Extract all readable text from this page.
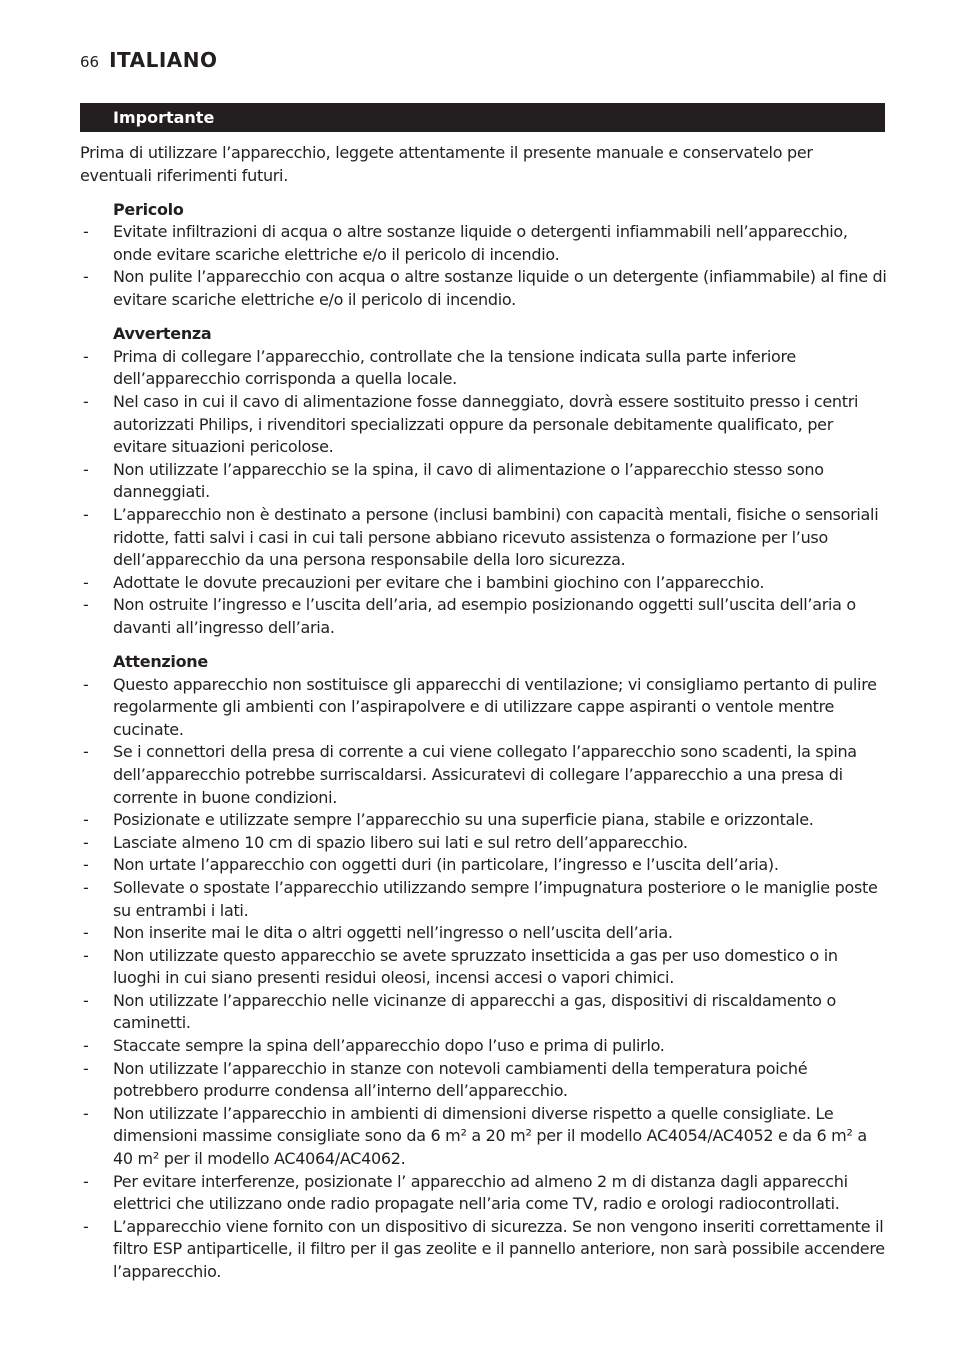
66 ITALIANO
Importante

Prima di utilizzare l’apparecchio, leggete attentamente il presente manuale e conservatelo per eventuali riferimenti futuri.

Pericolo
- Evitate infiltrazioni di acqua o altre sostanze liquide o detergenti infiammabili nell’apparecchio, onde evitare scariche elettriche e/o il pericolo di incendio.
- Non pulite l’apparecchio con acqua o altre sostanze liquide o un detergente (infiammabile) al fine di evitare scariche elettriche e/o il pericolo di incendio.
Avvertenza
- Prima di collegare l’apparecchio, controllate che la tensione indicata sulla parte inferiore dell’apparecchio corrisponda a quella locale.
- Nel caso in cui il cavo di alimentazione fosse danneggiato, dovrà essere sostituito presso i centri autorizzati Philips, i rivenditori specializzati oppure da personale debitamente qualificato, per evitare situazioni pericolose.
- Non utilizzate l’apparecchio se la spina, il cavo di alimentazione o l’apparecchio stesso sono danneggiati.
- L’apparecchio non è destinato a persone (inclusi bambini) con capacità mentali, fisiche o sensoriali ridotte, fatti salvi i casi in cui tali persone abbiano ricevuto assistenza o formazione per l’uso dell’apparecchio da una persona responsabile della loro sicurezza.
- Adottate le dovute precauzioni per evitare che i bambini giochino con l’apparecchio.
- Non ostruite l’ingresso e l’uscita dell’aria, ad esempio posizionando oggetti sull’uscita dell’aria o davanti all’ingresso dell’aria.
Attenzione
- Questo apparecchio non sostituisce gli apparecchi di ventilazione; vi consigliamo pertanto di pulire regolarmente gli ambienti con l’aspirapolvere e di utilizzare cappe aspiranti o ventole mentre cucinate.
- Se i connettori della presa di corrente a cui viene collegato l’apparecchio sono scadenti, la spina dell’apparecchio potrebbe surriscaldarsi. Assicuratevi di collegare l’apparecchio a una presa di corrente in buone condizioni.
- Posizionate e utilizzate sempre l’apparecchio su una superficie piana, stabile e orizzontale.
- Lasciate almeno 10 cm di spazio libero sui lati e sul retro dell’apparecchio.
- Non urtate l’apparecchio con oggetti duri (in particolare, l’ingresso e l’uscita dell’aria).
- Sollevate o spostate l’apparecchio utilizzando sempre l’impugnatura posteriore o le maniglie poste su entrambi i lati.
- Non inserite mai le dita o altri oggetti nell’ingresso o nell’uscita dell’aria.
- Non utilizzate questo apparecchio se avete spruzzato insetticida a gas per uso domestico o in luoghi in cui siano presenti residui oleosi, incensi accesi o vapori chimici.
- Non utilizzate l’apparecchio nelle vicinanze di apparecchi a gas, dispositivi di riscaldamento o caminetti.
- Staccate sempre la spina dell’apparecchio dopo l’uso e prima di pulirlo.
- Non utilizzate l’apparecchio in stanze con notevoli cambiamenti della temperatura poiché potrebbero produrre condensa all’interno dell’apparecchio.
- Non utilizzate l’apparecchio in ambienti di dimensioni diverse rispetto a quelle consigliate. Le dimensioni massime consigliate sono da 6 m² a 20 m² per il modello AC4054/AC4052 e da 6 m² a 40 m² per il modello AC4064/AC4062.
- Per evitare interferenze, posizionate l’ apparecchio ad almeno 2 m di distanza dagli apparecchi elettrici che utilizzano onde radio propagate nell’aria come TV, radio e orologi radiocontrollati.
- L’apparecchio viene fornito con un dispositivo di sicurezza. Se non vengono inseriti correttamente il filtro ESP antiparticelle, il filtro per il gas zeolite e il pannello anteriore, non sarà possibile accendere l’apparecchio.
